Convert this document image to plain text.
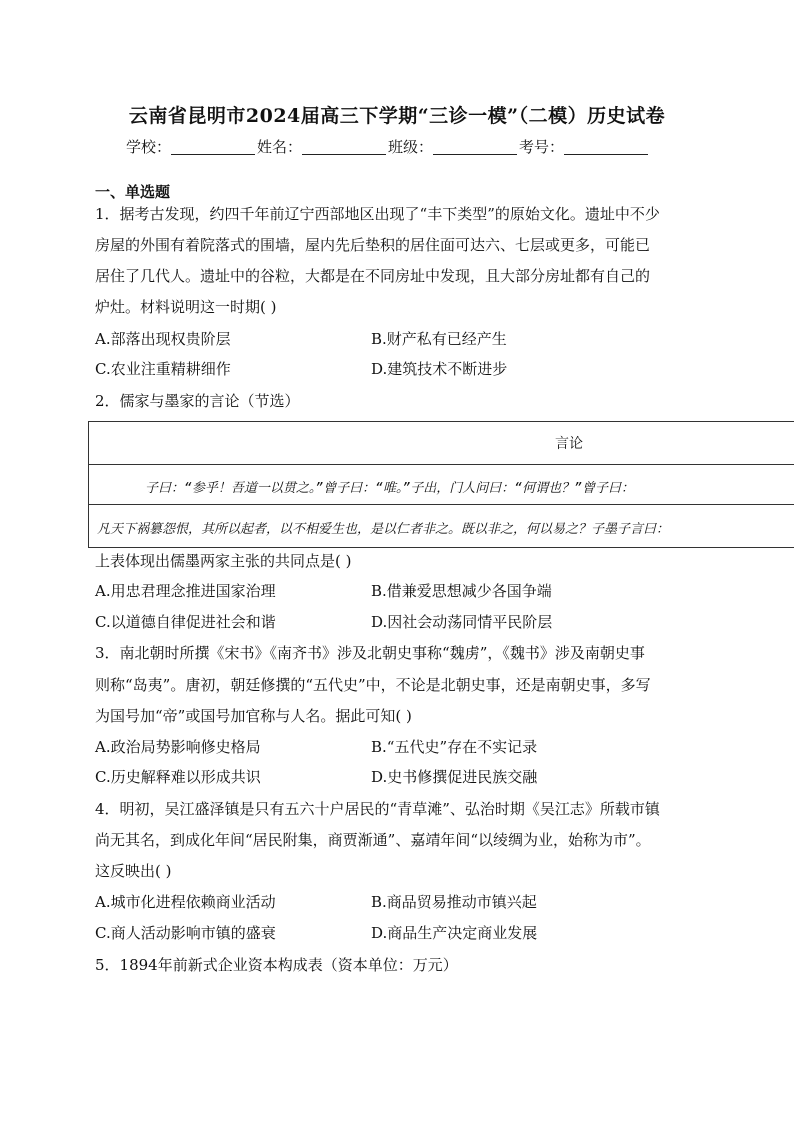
云南省昆明市2024届高三下学期“三诊一模”（二模）历史试卷
学校：	姓名：	班级：	考号：
一、单选题
1．据考古发现，约四千年前辽宁西部地区出现了“丰下类型”的原始文化。遗址中不少
房屋的外围有着院落式的围墙，屋内先后垫积的居住面可达六、七层或更多，可能已
居住了几代人。遗址中的谷粒，大都是在不同房址中发现，且大部分房址都有自己的
炉灶。材料说明这一时期( )
A.部落出现权贵阶层	B.财产私有已经产生
C.农业注重精耕细作	D.建筑技术不断进步
2．儒家与墨家的言论（节选）
言论
子曰：“参乎！吾道一以贯之。”曾子曰：“唯。”子出，门人问曰：“何谓也？”曾子曰：
凡天下祸篡怨恨，其所以起者，以不相爱生也，是以仁者非之。既以非之，何以易之？子墨子言曰：
上表体现出儒墨两家主张的共同点是( )
A.用忠君理念推进国家治理	B.借兼爱思想减少各国争端
C.以道德自律促进社会和谐	D.因社会动荡同情平民阶层
3．南北朝时所撰《宋书》《南齐书》涉及北朝史事称“魏虏”，《魏书》涉及南朝史事
则称“岛夷”。唐初，朝廷修撰的“五代史”中，不论是北朝史事，还是南朝史事，多写
为国号加“帝”或国号加官称与人名。据此可知( )
A.政治局势影响修史格局	B.“五代史”存在不实记录
C.历史解释难以形成共识	D.史书修撰促进民族交融
4．明初，吴江盛泽镇是只有五六十户居民的“青草滩”、弘治时期《吴江志》所载市镇
尚无其名，到成化年间“居民附集，商贾渐通”、嘉靖年间“以绫绸为业，始称为市”。
这反映出( )
A.城市化进程依赖商业活动	B.商品贸易推动市镇兴起
C.商人活动影响市镇的盛衰	D.商品生产决定商业发展
5．1894年前新式企业资本构成表（资本单位：万元）
